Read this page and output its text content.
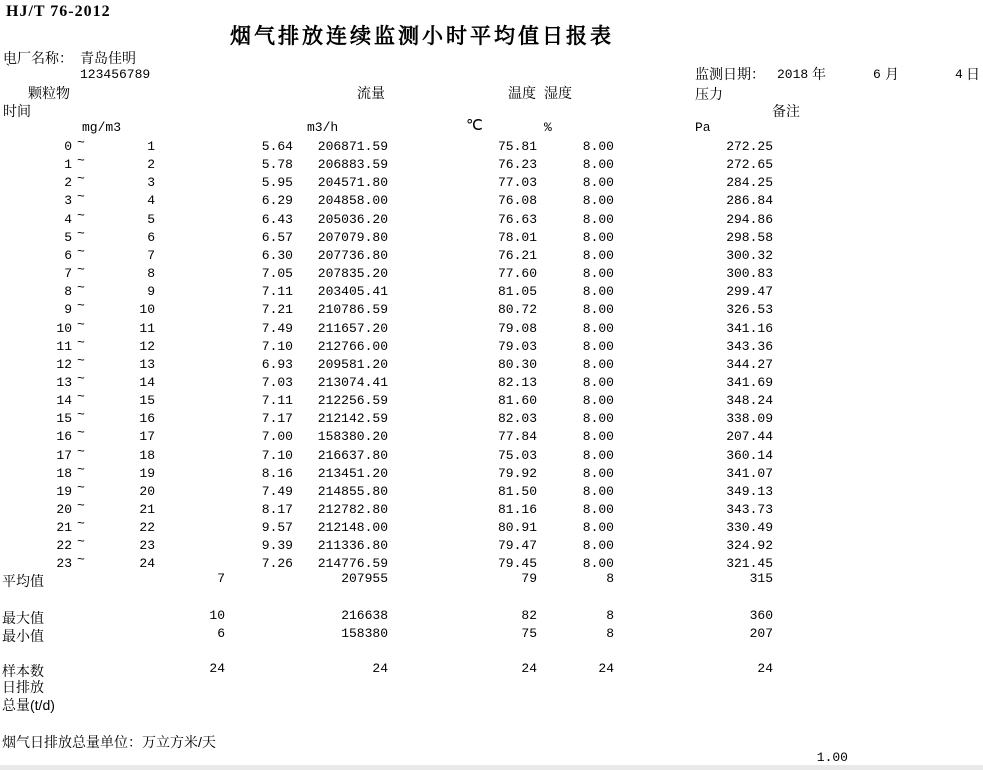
HJ/T 76-2012
烟气排放连续监测小时平均值日报表
电厂名称： 青岛佳明
`	123456789	监测日期： 2018 年	6 月	4 日
颗粒物	流量	温度 湿度	压力
时间	备注
mg/m3	m3/h	℃	%	Pa
0 ~	1	5.64	206871.59	75.81	8.00	272.25
1 ~	2	5.78	206883.59	76.23	8.00	272.65
2 ~	3	5.95	204571.80	77.03	8.00	284.25
3 ~	4	6.29	204858.00	76.08	8.00	286.84
4 ~	5	6.43	205036.20	76.63	8.00	294.86
5 ~	6	6.57	207079.80	78.01	8.00	298.58
6 ~	7	6.30	207736.80	76.21	8.00	300.32
7 ~	8	7.05	207835.20	77.60	8.00	300.83
8 ~	9	7.11	203405.41	81.05	8.00	299.47
9 ~	10	7.21	210786.59	80.72	8.00	326.53
10 ~	11	7.49	211657.20	79.08	8.00	341.16
11 ~	12	7.10	212766.00	79.03	8.00	343.36
12 ~	13	6.93	209581.20	80.30	8.00	344.27
13 ~	14	7.03	213074.41	82.13	8.00	341.69
14 ~	15	7.11	212256.59	81.60	8.00	348.24
15 ~	16	7.17	212142.59	82.03	8.00	338.09
16 ~	17	7.00	158380.20	77.84	8.00	207.44
17 ~	18	7.10	216637.80	75.03	8.00	360.14
18 ~	19	8.16	213451.20	79.92	8.00	341.07
19 ~	20	7.49	214855.80	81.50	8.00	349.13
20 ~	21	8.17	212782.80	81.16	8.00	343.73
21 ~	22	9.57	212148.00	80.91	8.00	330.49
22 ~	23	9.39	211336.80	79.47	8.00	324.92
23 ~	24	7.26	214776.59	79.45	8.00	321.45
平均值	7	207955	79	8	315
最大值	10	216638	82	8	360
最小值	6	158380	75	8	207
样本数	24	24	24	24	24
日排放
总量(t/d)
烟气日排放总量单位：万立方米/天
1.00
